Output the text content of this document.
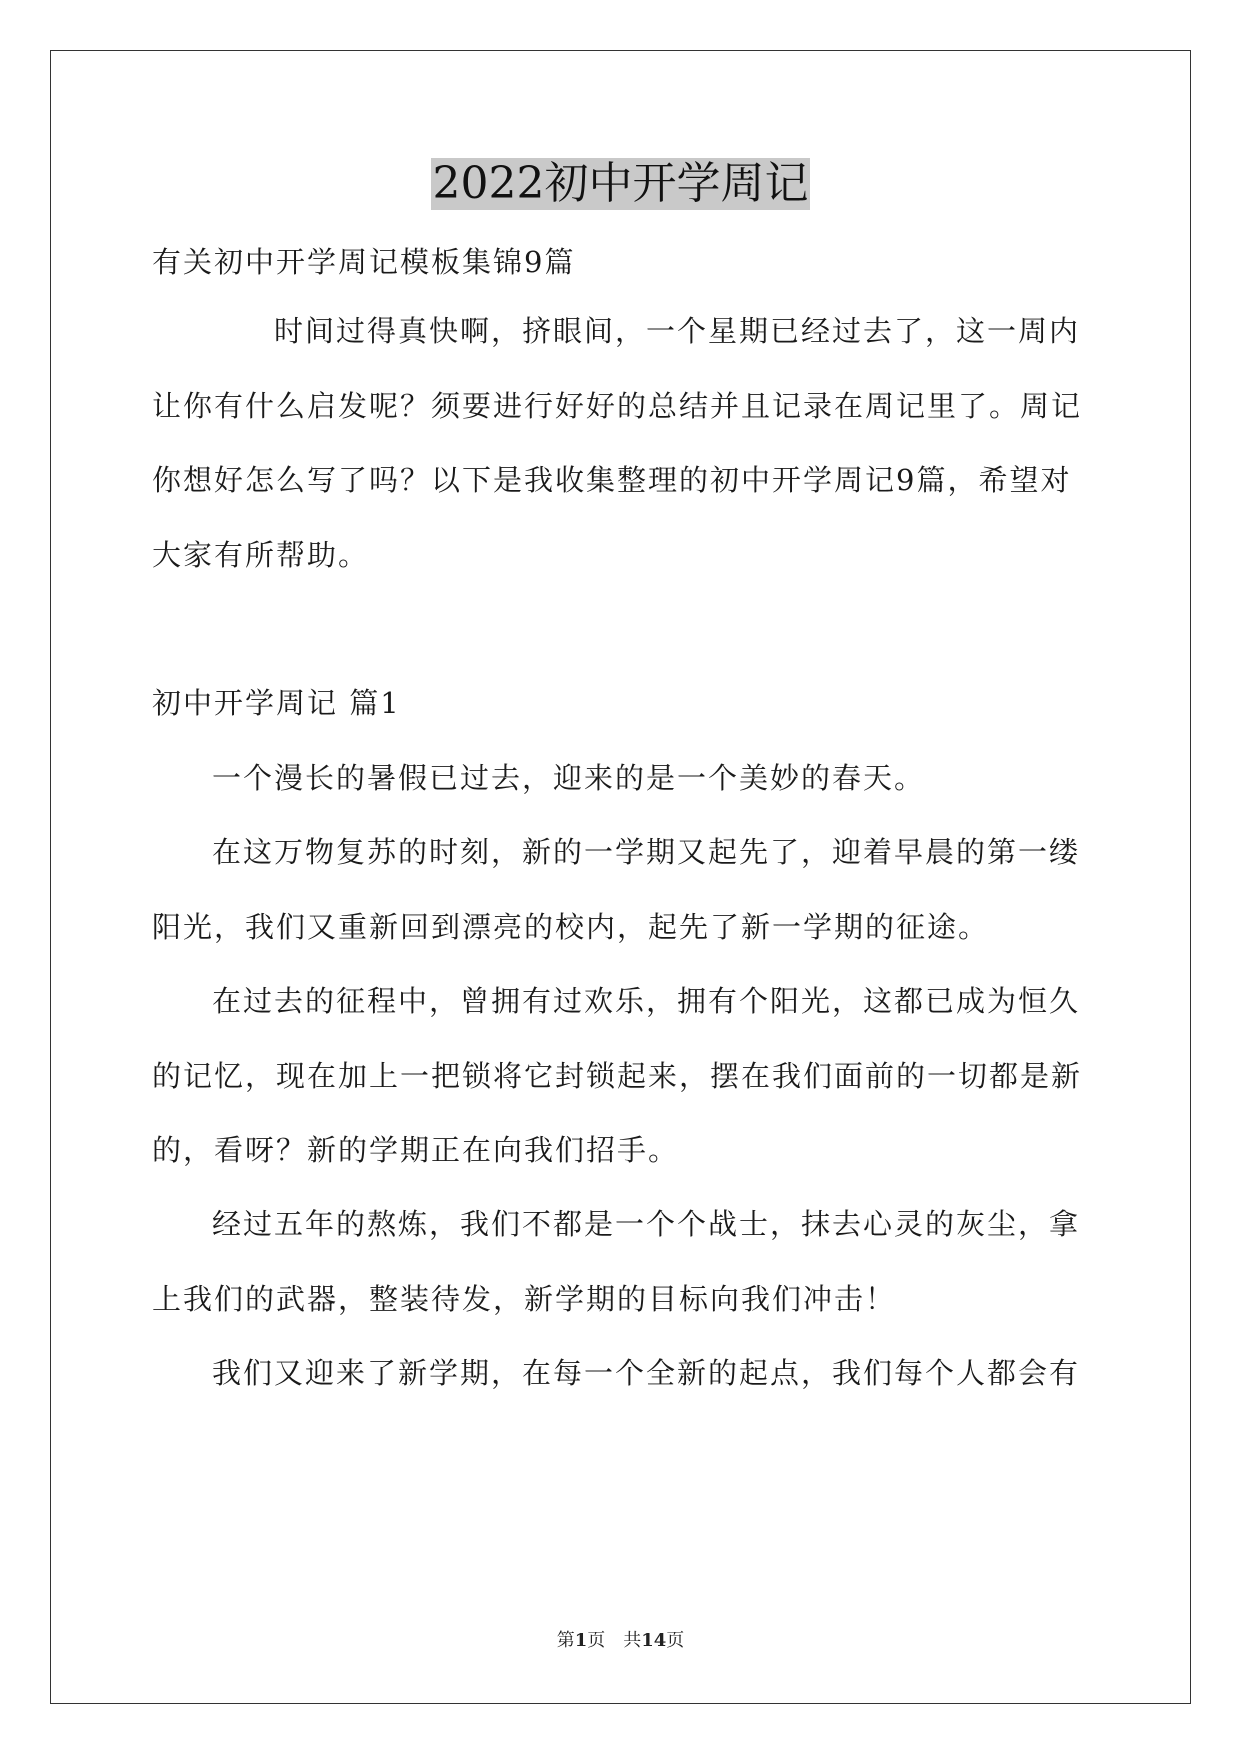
2022初中开学周记
有关初中开学周记模板集锦9篇
时间过得真快啊，挤眼间，一个星期已经过去了，这一周内
让你有什么启发呢？须要进行好好的总结并且记录在周记里了。周记
你想好怎么写了吗？以下是我收集整理的初中开学周记9篇，希望对
大家有所帮助。
初中开学周记 篇1
一个漫长的暑假已过去，迎来的是一个美妙的春天。
在这万物复苏的时刻，新的一学期又起先了，迎着早晨的第一缕
阳光，我们又重新回到漂亮的校内，起先了新一学期的征途。
在过去的征程中，曾拥有过欢乐，拥有个阳光，这都已成为恒久
的记忆，现在加上一把锁将它封锁起来，摆在我们面前的一切都是新
的，看呀？新的学期正在向我们招手。
经过五年的熬炼，我们不都是一个个战士，抹去心灵的灰尘，拿
上我们的武器，整装待发，新学期的目标向我们冲击！
我们又迎来了新学期，在每一个全新的起点，我们每个人都会有
第1页 共14页
